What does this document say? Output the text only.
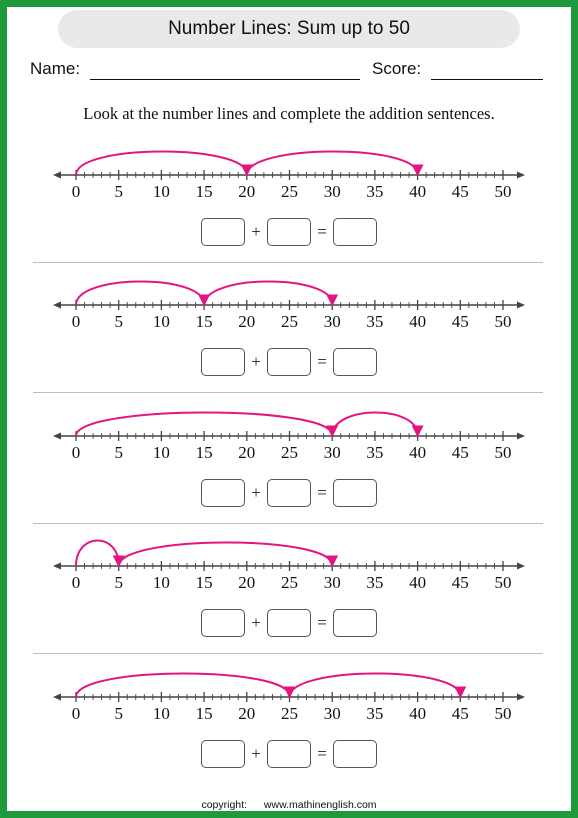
Number Lines: Sum up to 50
Name:	Score:
Look at the number lines and complete the addition sentences.
0 5 10 15 20 25 30 35 40 45 50
0 5 10 15 20 25 30 35 40 45 50
0 5 10 15 20 25 30 35 40 45 50
0 5 10 15 20 25 30 35 40 45 50
0 5 10 15 20 25 30 35 40 45 50
+	=
+	=
+	=
+	=
+	=
copyright: www.mathinenglish.com
